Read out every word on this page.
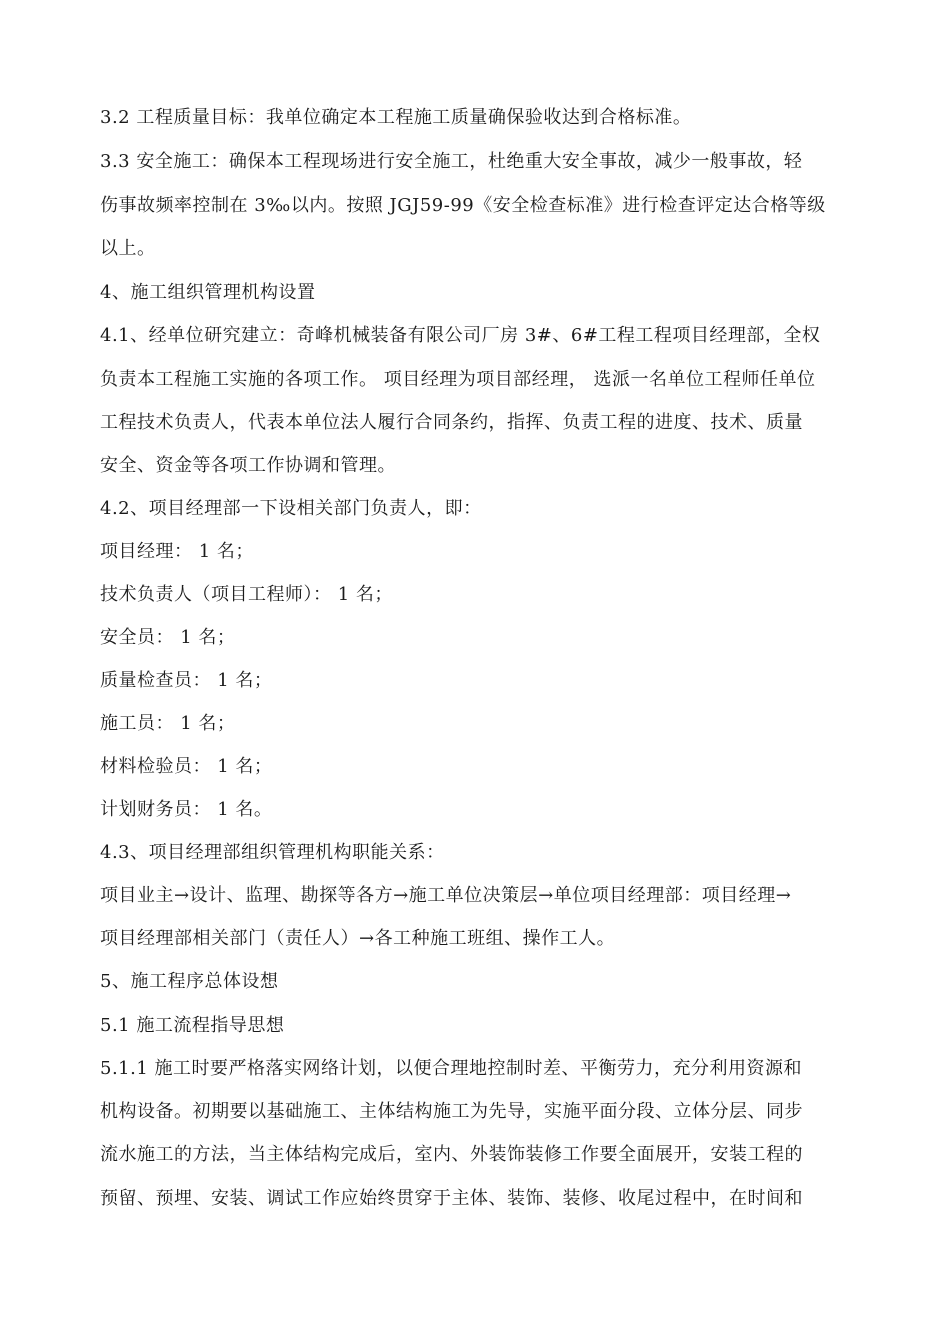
3.2 工程质量目标：我单位确定本工程施工质量确保验收达到合格标准。
3.3 安全施工：确保本工程现场进行安全施工，杜绝重大安全事故，减少一般事故，轻
伤事故频率控制在 3‰以内。按照 JGJ59-99《安全检查标准》进行检查评定达合格等级
以上。
4、施工组织管理机构设置
4.1、经单位研究建立：奇峰机械装备有限公司厂房 3#、6#工程工程项目经理部，全权
负责本工程施工实施的各项工作。 项目经理为项目部经理， 选派一名单位工程师任单位
工程技术负责人，代表本单位法人履行合同条约，指挥、负责工程的进度、技术、质量
安全、资金等各项工作协调和管理。
4.2、项目经理部一下设相关部门负责人，即：
项目经理： 1 名；
技术负责人（项目工程师）： 1 名；
安全员： 1 名；
质量检查员： 1 名；
施工员： 1 名；
材料检验员： 1 名；
计划财务员： 1 名。
4.3、项目经理部组织管理机构职能关系：
项目业主→设计、监理、勘探等各方→施工单位决策层→单位项目经理部：项目经理→
项目经理部相关部门（责任人）→各工种施工班组、操作工人。
5、施工程序总体设想
5.1 施工流程指导思想
5.1.1 施工时要严格落实网络计划，以便合理地控制时差、平衡劳力，充分利用资源和
机构设备。初期要以基础施工、主体结构施工为先导，实施平面分段、立体分层、同步
流水施工的方法，当主体结构完成后，室内、外装饰装修工作要全面展开，安装工程的
预留、预埋、安装、调试工作应始终贯穿于主体、装饰、装修、收尾过程中，在时间和
